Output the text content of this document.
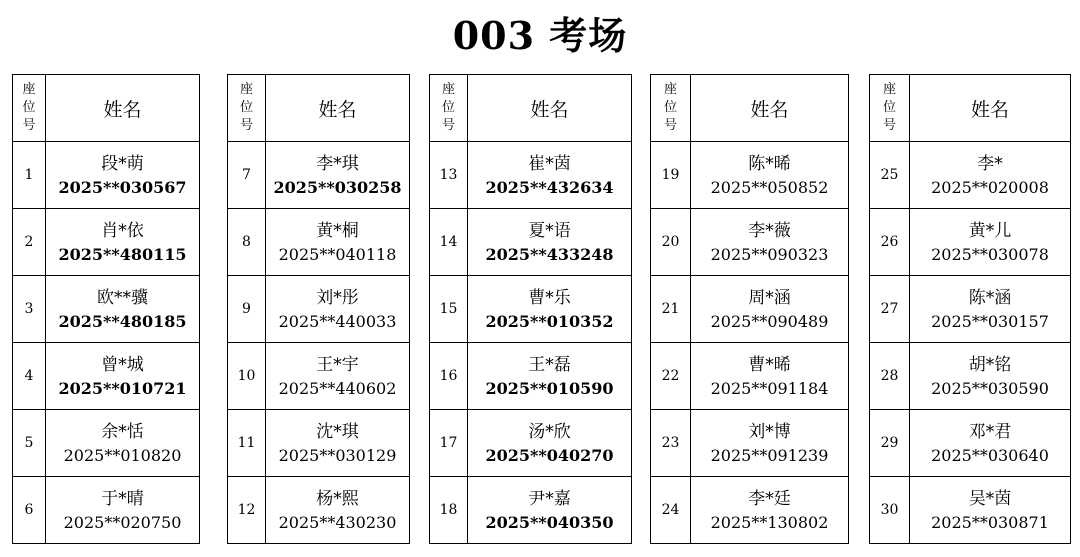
003 考场
座
位
号	姓名
1	段*萌
2025**030567

2	肖*依
2025**480115

3	欧**骥
2025**480185

4	曾*城
2025**010721

5	余*恬
2025**010820

6	于*晴
2025**020750
座
位
号	姓名
7	李*琪
2025**030258

8	黄*桐
2025**040118

9	刘*彤
2025**440033

10	王*宇
2025**440602

11	沈*琪
2025**030129

12	杨*熙
2025**430230
座
位
号	姓名
13	崔*茵
2025**432634

14	夏*语
2025**433248

15	曹*乐
2025**010352

16	王*磊
2025**010590

17	汤*欣
2025**040270

18	尹*嘉
2025**040350
座
位
号	姓名
19	陈*晞
2025**050852

20	李*薇
2025**090323

21	周*涵
2025**090489

22	曹*晞
2025**091184

23	刘*博
2025**091239

24	李*廷
2025**130802
座
位
号	姓名
25	李*
2025**020008

26	黄*儿
2025**030078

27	陈*涵
2025**030157

28	胡*铭
2025**030590

29	邓*君
2025**030640

30	吴*茵
2025**030871
